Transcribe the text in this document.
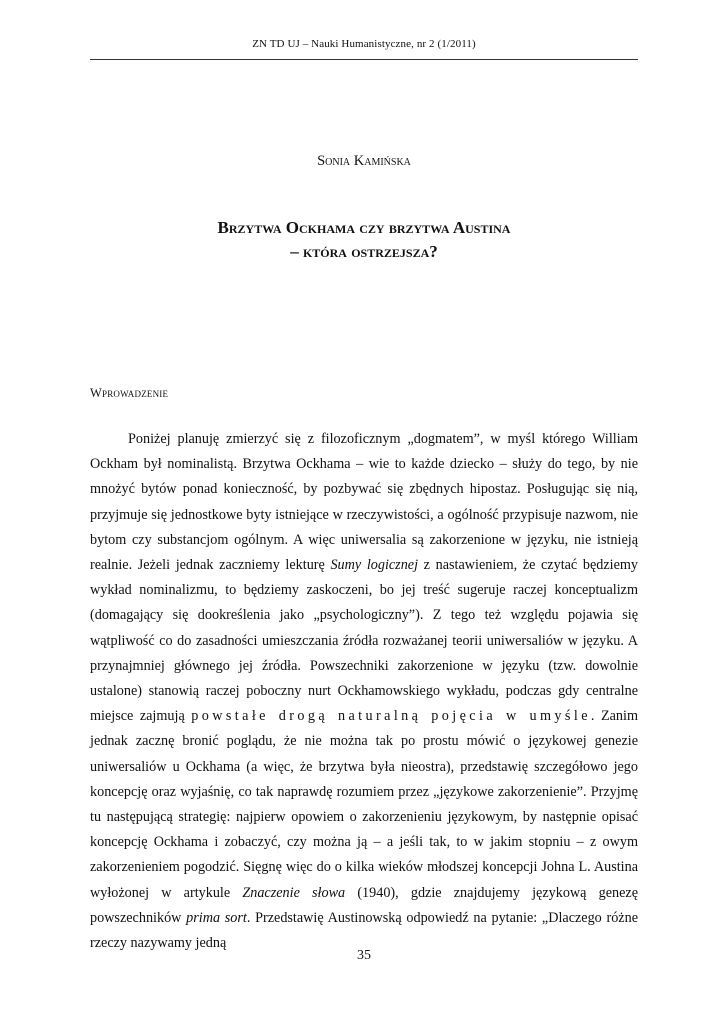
ZN TD UJ – Nauki Humanistyczne, nr 2 (1/2011)
Sonia Kamińska
Brzytwa Ockhama czy brzytwa Austina
– która ostrzejsza?
Wprowadzenie

Poniżej planuję zmierzyć się z filozoficznym „dogmatem”, w myśl którego William Ockham był nominalistą. Brzytwa Ockhama – wie to każde dziecko – służy do tego, by nie mnożyć bytów ponad konieczność, by pozbywać się zbędnych hipostaz. Posługując się nią, przyjmuje się jednostkowe byty istniejące w rzeczywistości, a ogólność przypisuje nazwom, nie bytom czy substancjom ogólnym. A więc uniwersalia są zakorzenione w języku, nie istnieją realnie. Jeżeli jednak zaczniemy lekturę Sumy logicznej z nastawieniem, że czytać będziemy wykład nominalizmu, to będziemy zaskoczeni, bo jej treść sugeruje raczej konceptualizm (domagający się dookreślenia jako „psychologiczny”). Z tego też względu pojawia się wątpliwość co do zasadności umieszczania źródła rozważanej teorii uniwersaliów w języku. A przynajmniej głównego jej źródła. Powszechniki zakorzenione w języku (tzw. dowolnie ustalone) stanowią raczej poboczny nurt Ockhamowskiego wykładu, podczas gdy centralne miejsce zajmują powstałe drogą naturalną pojęcia w umyśle. Zanim jednak zacznę bronić poglądu, że nie można tak po prostu mówić o językowej genezie uniwersaliów u Ockhama (a więc, że brzytwa była nieostra), przedstawię szczegółowo jego koncepcję oraz wyjaśnię, co tak naprawdę rozumiem przez „językowe zakorzenienie”. Przyjmę tu następującą strategię: najpierw opowiem o zakorzenieniu językowym, by następnie opisać koncepcję Ockhama i zobaczyć, czy można ją – a jeśli tak, to w jakim stopniu – z owym zakorzenieniem pogodzić. Sięgnę więc do o kilka wieków młodszej koncepcji Johna L. Austina wyłożonej w artykule Znaczenie słowa (1940), gdzie znajdujemy językową genezę powszechników prima sort. Przedstawię Austinowską odpowiedź na pytanie: „Dlaczego różne rzeczy nazywamy jedną

35
